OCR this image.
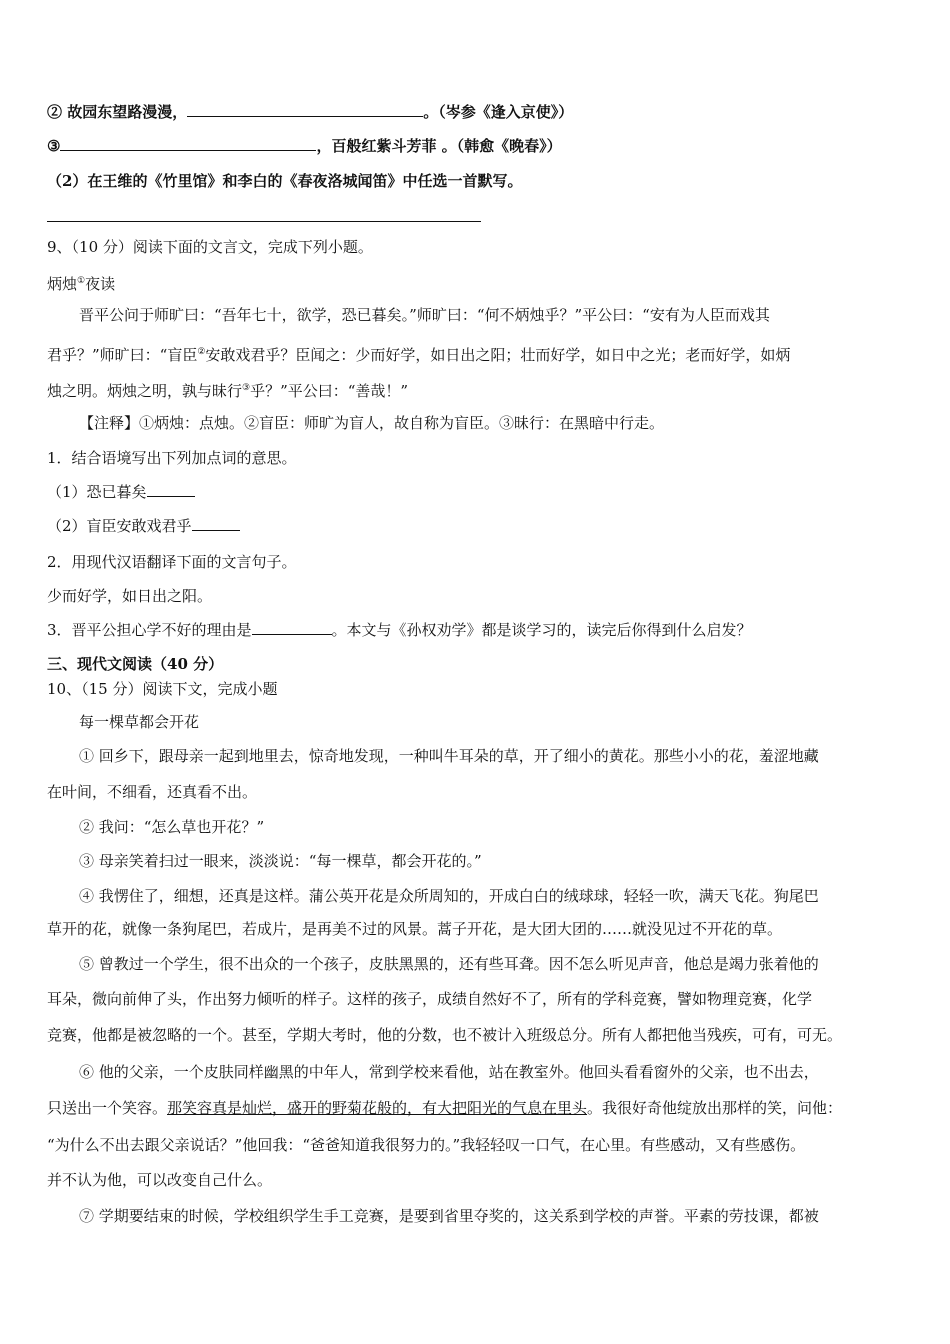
② 故园东望路漫漫，	。（岑参《逢入京使》）
③	，百般红紫斗芳菲 。（韩愈《晚春》）
（2）在王维的《竹里馆》和李白的《春夜洛城闻笛》中任选一首默写。
9、（10 分）阅读下面的文言文，完成下列小题。
炳烛①夜读
晋平公问于师旷曰：“吾年七十，欲学，恐已暮矣。”师旷曰：“何不炳烛乎？”平公曰：“安有为人臣而戏其
君乎？”师旷曰：“盲臣②安敢戏君乎？臣闻之：少而好学，如日出之阳；壮而好学，如日中之光；老而好学，如炳
烛之明。炳烛之明，孰与昧行③乎？”平公曰：“善哉！”
【注释】①炳烛：点烛。②盲臣：师旷为盲人，故自称为盲臣。③昧行：在黑暗中行走。
1．结合语境写出下列加点词的意思。
（1）恐已暮矣
（2）盲臣安敢戏君乎
2．用现代汉语翻译下面的文言句子。
少而好学，如日出之阳。
3．晋平公担心学不好的理由是	。本文与《孙权劝学》都是谈学习的，读完后你得到什么启发？
三、现代文阅读（40 分）
10、（15 分）阅读下文，完成小题
每一棵草都会开花
① 回乡下，跟母亲一起到地里去，惊奇地发现，一种叫牛耳朵的草，开了细小的黄花。那些小小的花，羞涩地藏
在叶间，不细看，还真看不出。
② 我问：“怎么草也开花？”
③ 母亲笑着扫过一眼来，淡淡说：“每一棵草，都会开花的。”
④ 我愣住了，细想，还真是这样。蒲公英开花是众所周知的，开成白白的绒球球，轻轻一吹，满天飞花。狗尾巴
草开的花，就像一条狗尾巴，若成片，是再美不过的风景。蒿子开花，是大团大团的……就没见过不开花的草。
⑤ 曾教过一个学生，很不出众的一个孩子，皮肤黑黑的，还有些耳聋。因不怎么听见声音，他总是竭力张着他的
耳朵，微向前伸了头，作出努力倾听的样子。这样的孩子，成绩自然好不了，所有的学科竞赛，譬如物理竞赛，化学
竞赛，他都是被忽略的一个。甚至，学期大考时，他的分数，也不被计入班级总分。所有人都把他当残疾，可有，可无。
⑥ 他的父亲，一个皮肤同样幽黑的中年人，常到学校来看他，站在教室外。他回头看看窗外的父亲，也不出去，
只送出一个笑容。那笑容真是灿烂，盛开的野菊花般的，有大把阳光的气息在里头。我很好奇他绽放出那样的笑，问他：
“为什么不出去跟父亲说话？”他回我：“爸爸知道我很努力的。”我轻轻叹一口气，在心里。有些感动，又有些感伤。
并不认为他，可以改变自己什么。
⑦ 学期要结束的时候，学校组织学生手工竞赛，是要到省里夺奖的，这关系到学校的声誉。平素的劳技课，都被
